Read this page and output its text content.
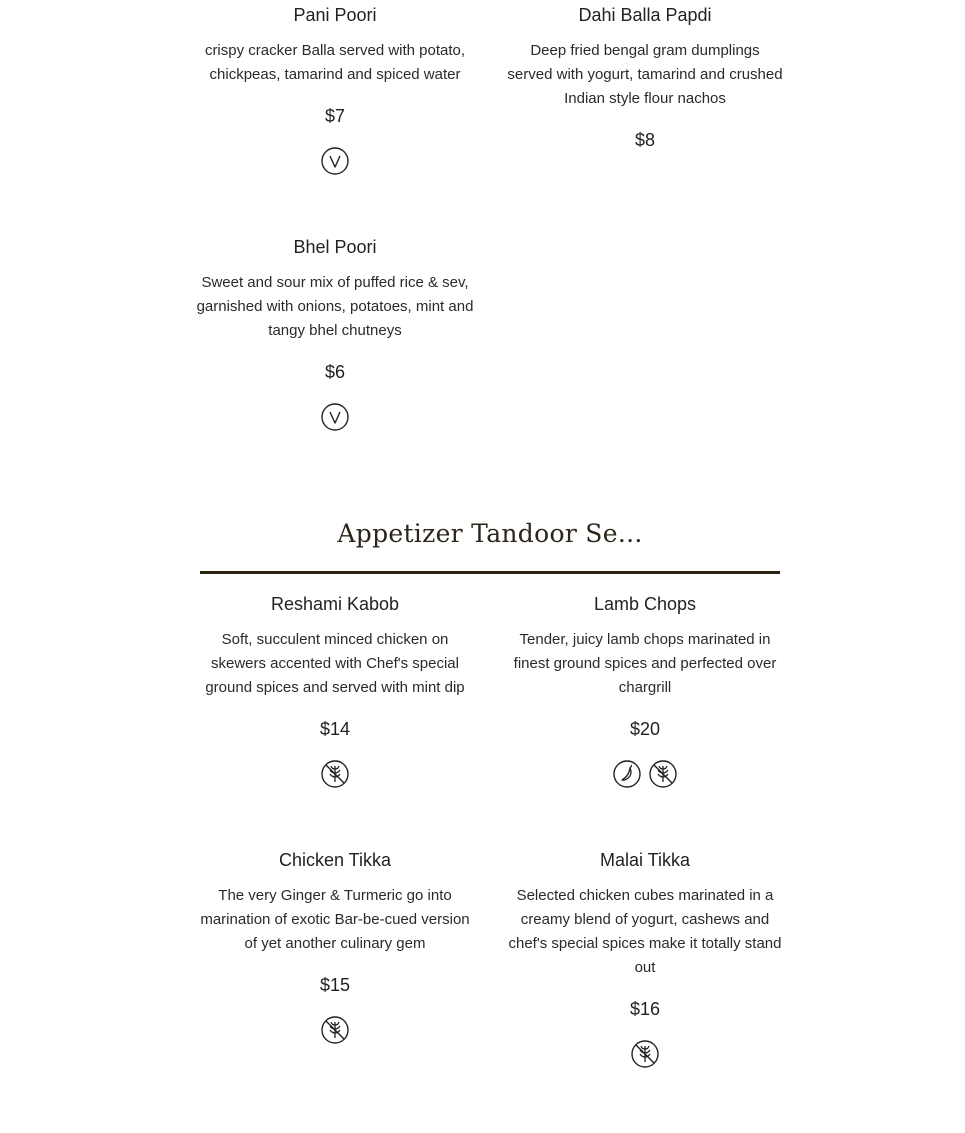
Pani Poori

crispy cracker Balla served with potato, chickpeas, tamarind and spiced water

$7
Dahi Balla Papdi

Deep fried bengal gram dumplings served with yogurt, tamarind and crushed Indian style flour nachos

$8
Bhel Poori

Sweet and sour mix of puffed rice & sev, garnished with onions, potatoes, mint and tangy bhel chutneys

$6
Appetizer Tandoor Se...
Reshami Kabob

Soft, succulent minced chicken on skewers accented with Chef's special ground spices and served with mint dip

$14
Lamb Chops

Tender, juicy lamb chops marinated in finest ground spices and perfected over chargrill

$20
Chicken Tikka

The very Ginger & Turmeric go into marination of exotic Bar-be-cued version of yet another culinary gem

$15
Malai Tikka

Selected chicken cubes marinated in a creamy blend of yogurt, cashews and chef's special spices make it totally stand out

$16
